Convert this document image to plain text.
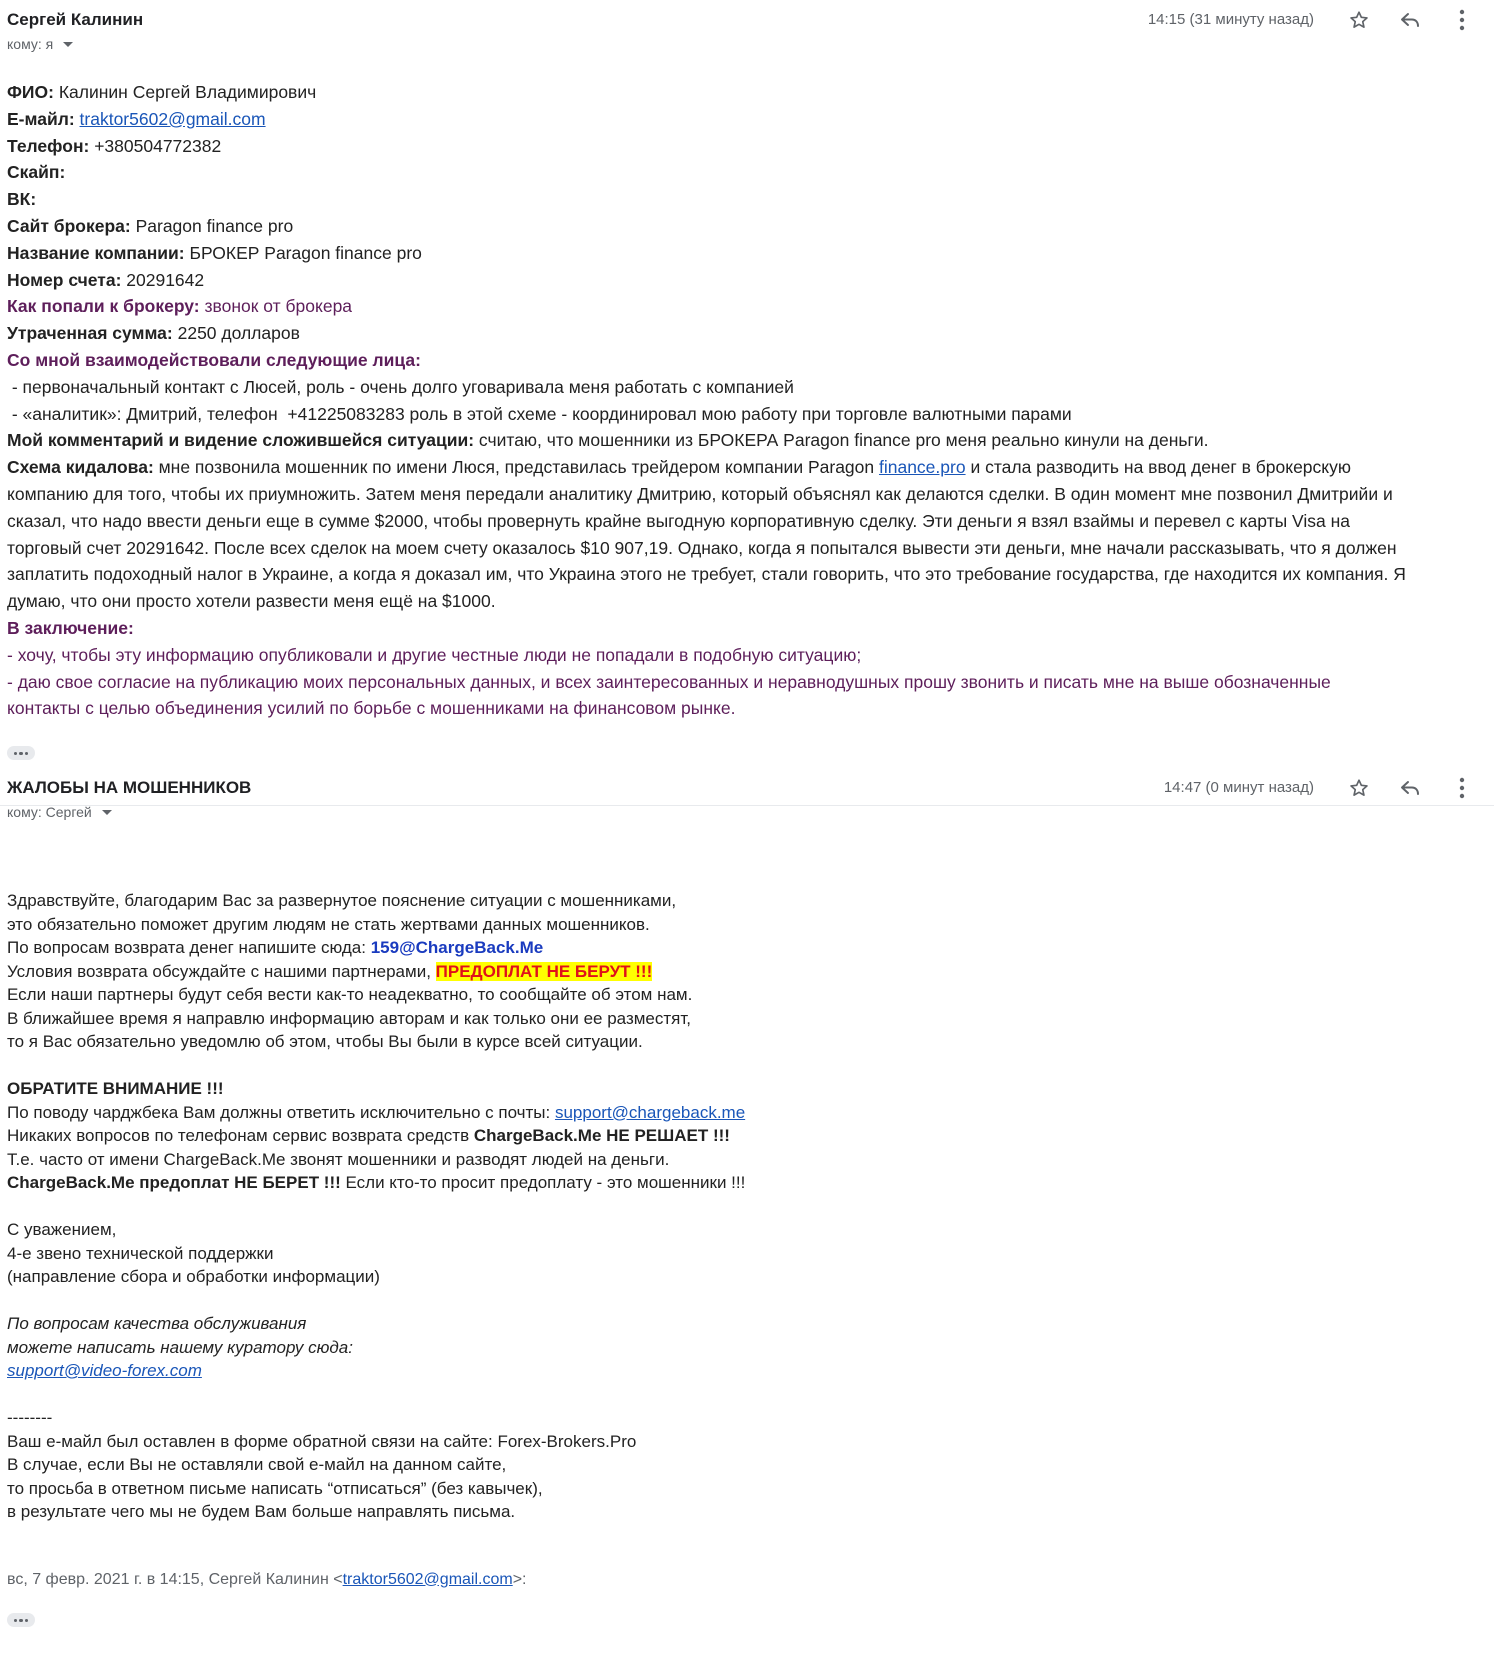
Сергей Калинин
кому: я
14:15 (31 минуту назад)
ФИО: Калинин Сергей Владимирович
Е-майл: traktor5602@gmail.com
Телефон: +380504772382
Скайп:
ВК:
Сайт брокера: Paragon finance pro
Название компании: БРОКЕР Paragon finance pro
Номер счета: 20291642
Как попали к брокеру: звонок от брокера
Утраченная сумма: 2250 долларов
Со мной взаимодействовали следующие лица:
- первоначальный контакт с Люсей, роль - очень долго уговаривала меня работать с компанией
- «аналитик»: Дмитрий, телефон  +41225083283 роль в этой схеме - координировал мою работу при торговле валютными парами
Мой комментарий и видение сложившейся ситуации: считаю, что мошенники из БРОКЕРА Paragon finance pro меня реально кинули на деньги.
Схема кидалова: мне позвонила мошенник по имени Люся, представилась трейдером компании Paragon finance.pro и стала разводить на ввод денег в брокерскую компанию для того, чтобы их приумножить. Затем меня передали аналитику Дмитрию, который объяснял как делаются сделки. В один момент мне позвонил Дмитрийи и сказал, что надо ввести деньги еще в сумме $2000, чтобы провернуть крайне выгодную корпоративную сделку. Эти деньги я взял взаймы и перевел с карты Visa на торговый счет 20291642. После всех сделок на моем счету оказалось $10 907,19. Однако, когда я попытался вывести эти деньги, мне начали рассказывать, что я должен заплатить подоходный налог в Украине, а когда я доказал им, что Украина этого не требует, стали говорить, что это требование государства, где находится их компания. Я думаю, что они просто хотели развести меня ещё на $1000.
В заключение:
- хочу, чтобы эту информацию опубликовали и другие честные люди не попадали в подобную ситуацию;
- даю свое согласие на публикацию моих персональных данных, и всех заинтересованных и неравнодушных прошу звонить и писать мне на выше обозначенные контакты с целью объединения усилий по борьбе с мошенниками на финансовом рынке.
ЖАЛОБЫ НА МОШЕННИКОВ
кому: Сергей
14:47 (0 минут назад)
Здравствуйте, благодарим Вас за развернутое пояснение ситуации с мошенниками,
это обязательно поможет другим людям не стать жертвами данных мошенников.
По вопросам возврата денег напишите сюда: 159@ChargeBack.Me
Условия возврата обсуждайте с нашими партнерами, ПРЕДОПЛАТ НЕ БЕРУТ !!!
Если наши партнеры будут себя вести как-то неадекватно, то сообщайте об этом нам.
В ближайшее время я направлю информацию авторам и как только они ее разместят,
то я Вас обязательно уведомлю об этом, чтобы Вы были в курсе всей ситуации.
ОБРАТИТЕ ВНИМАНИЕ !!!
По поводу чарджбека Вам должны ответить исключительно с почты: support@chargeback.me
Никаких вопросов по телефонам сервис возврата средств ChargeBack.Me НЕ РЕШАЕТ !!!
Т.е. часто от имени ChargeBack.Me звонят мошенники и разводят людей на деньги.
ChargeBack.Me предоплат НЕ БЕРЕТ !!! Если кто-то просит предоплату - это мошенники !!!
С уважением,
4-е звено технической поддержки
(направление сбора и обработки информации)
По вопросам качества обслуживания
можете написать нашему куратору сюда:
support@video-forex.com
--------
Ваш е-майл был оставлен в форме обратной связи на сайте: Forex-Brokers.Pro
В случае, если Вы не оставляли свой е-майл на данном сайте,
то просьба в ответном письме написать “отписаться” (без кавычек),
в результате чего мы не будем Вам больше направлять письма.
вс, 7 февр. 2021 г. в 14:15, Сергей Калинин <traktor5602@gmail.com>:
